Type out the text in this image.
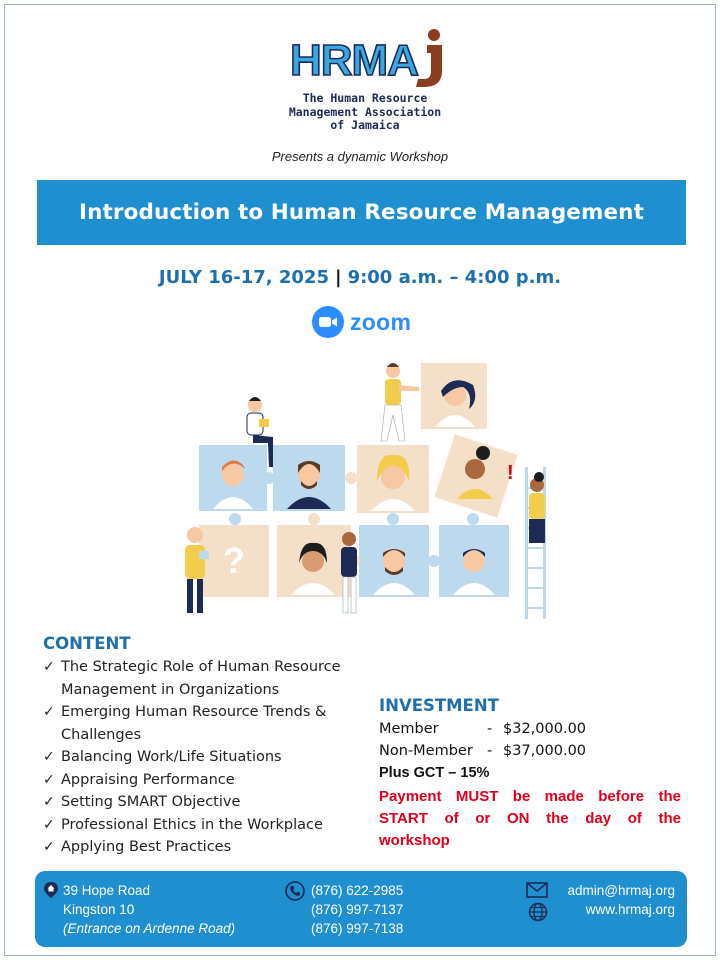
HRMA
The Human Resource
Management Association
of Jamaica
Presents a dynamic Workshop
Introduction to Human Resource Management
JULY 16-17, 2025 | 9:00 a.m. – 4:00 p.m.
zoom
?
!
CONTENT
✓ The Strategic Role of Human Resource Management in Organizations
✓ Emerging Human Resource Trends & Challenges
✓ Balancing Work/Life Situations
✓ Appraising Performance
✓ Setting SMART Objective
✓ Professional Ethics in the Workplace
✓ Applying Best Practices
INVESTMENT
Member	- $32,000.00
Non-Member - $37,000.00
Plus GCT – 15%
Payment MUST be made before the START of or ON the day of the workshop
39 Hope Road
Kingston 10
(Entrance on Ardenne Road)
(876) 622-2985
(876) 997-7137
(876) 997-7138
admin@hrmaj.org
www.hrmaj.org
